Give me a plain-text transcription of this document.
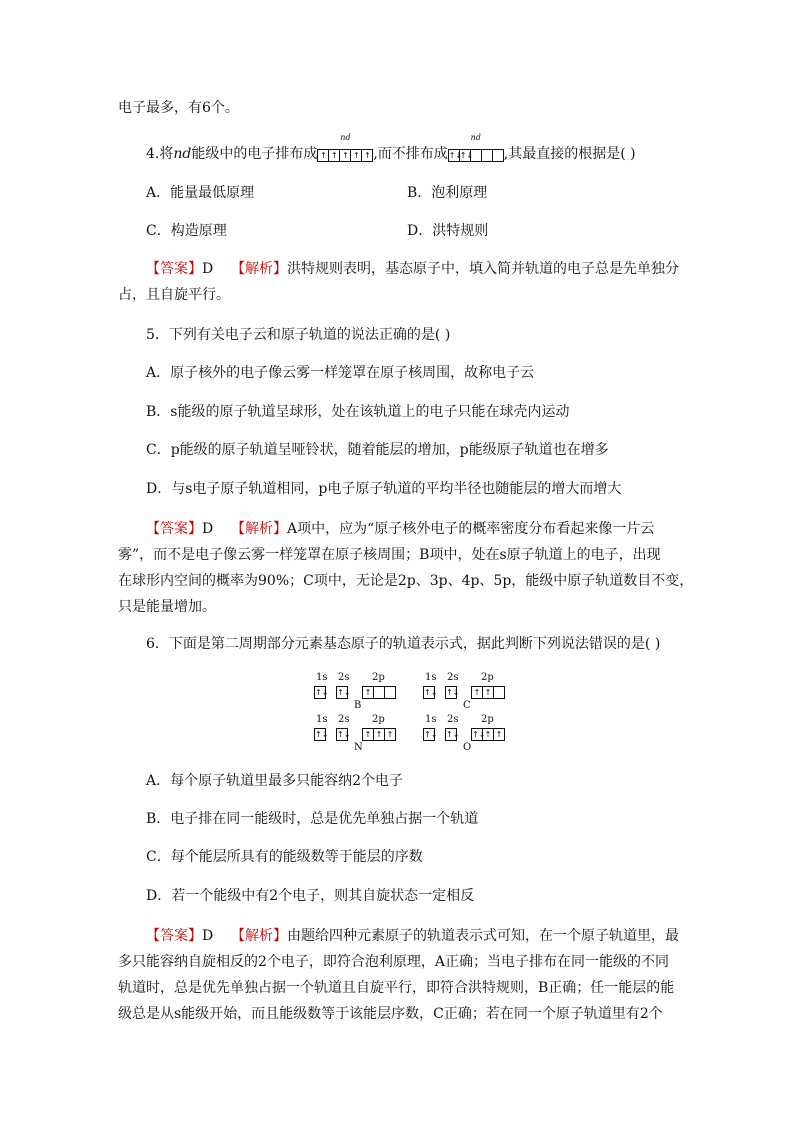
电子最多，有6个。
4.将nd能级中的电子排布成
nd
↑ ↑ ↑ ↑ ↑ ,而不排布成
nd
↑↓
↑↓ ,其最直接的根据是( )
A．能量最低原理	B．泡利原理
C．构造原理	D．洪特规则
【答案】D 【解析】洪特规则表明，基态原子中，填入简并轨道的电子总是先单独分
占，且自旋平行。
5．下列有关电子云和原子轨道的说法正确的是( )
A．原子核外的电子像云雾一样笼罩在原子核周围，故称电子云
B．s能级的原子轨道呈球形，处在该轨道上的电子只能在球壳内运动
C．p能级的原子轨道呈哑铃状，随着能层的增加，p能级原子轨道也在增多
D．与s电子原子轨道相同，p电子原子轨道的平均半径也随能层的增大而增大
【答案】D 【解析】A项中，应为“原子核外电子的概率密度分布看起来像一片云
雾”，而不是电子像云雾一样笼罩在原子核周围；B项中，处在s原子轨道上的电子，出现
在球形内空间的概率为90%；C项中，无论是2p、3p、4p、5p，能级中原子轨道数目不变，
只是能量增加。
6．下面是第二周期部分元素基态原子的轨道表示式，据此判断下列说法错误的是( )
1s 2s 2p
↑↓ ↑↓ ↑
B
1s 2s 2p
↑↓ ↑↓ ↑ ↑
C
1s 2s 2p
↑↓ ↑↓ ↑ ↑ ↑
N
1s 2s 2p
↑↓ ↑↓ ↑↓ ↑ ↑
O
A．每个原子轨道里最多只能容纳2个电子
B．电子排在同一能级时，总是优先单独占据一个轨道
C．每个能层所具有的能级数等于能层的序数
D．若一个能级中有2个电子，则其自旋状态一定相反
【答案】D 【解析】由题给四种元素原子的轨道表示式可知，在一个原子轨道里，最
多只能容纳自旋相反的2个电子，即符合泡利原理，A正确；当电子排布在同一能级的不同
轨道时，总是优先单独占据一个轨道且自旋平行，即符合洪特规则，B正确；任一能层的能
级总是从s能级开始，而且能级数等于该能层序数，C正确；若在同一个原子轨道里有2个
